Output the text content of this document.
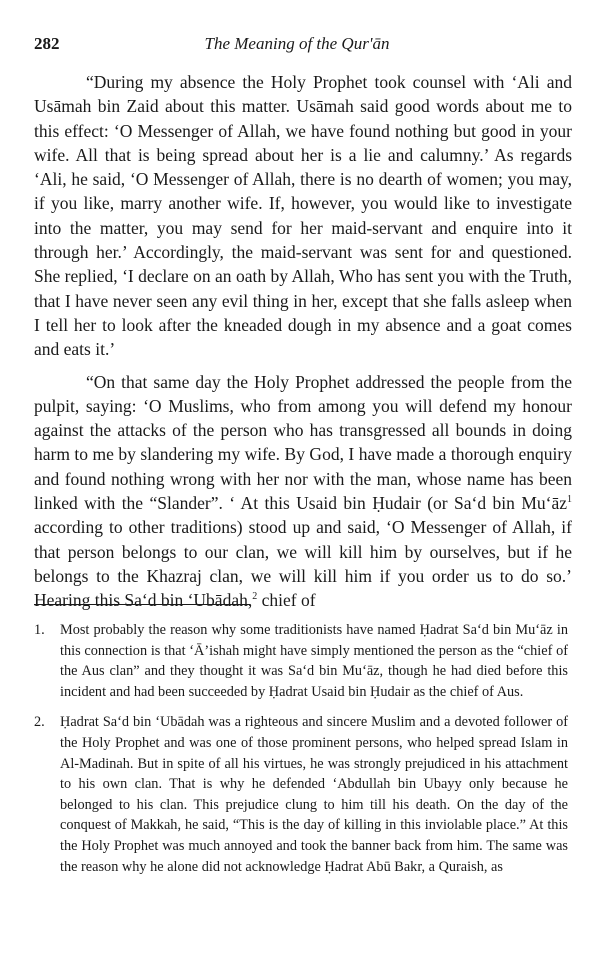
282	The Meaning of the Qur'ān

“During my absence the Holy Prophet took counsel with ‘Ali and Usāmah bin Zaid about this matter. Usāmah said good words about me to this effect: ‘O Messenger of Allah, we have found nothing but good in your wife. All that is being spread about her is a lie and calumny.’ As regards ‘Ali, he said, ‘O Messenger of Allah, there is no dearth of women; you may, if you like, marry another wife. If, however, you would like to investigate into the matter, you may send for her maid-servant and enquire into it through her.’ Accordingly, the maid-servant was sent for and questioned. She replied, ‘I declare on an oath by Allah, Who has sent you with the Truth, that I have never seen any evil thing in her, except that she falls asleep when I tell her to look after the kneaded dough in my absence and a goat comes and eats it.’

“On that same day the Holy Prophet addressed the people from the pulpit, saying: ‘O Muslims, who from among you will defend my honour against the attacks of the person who has transgressed all bounds in doing harm to me by slandering my wife. By God, I have made a thorough enquiry and found nothing wrong with her nor with the man, whose name has been linked with the “Slander”. ‘ At this Usaid bin Ḥudair (or Sa‘d bin $Mu‘āz^1$ according to other traditions) stood up and said, ‘O Messenger of Allah, if that person belongs to our clan, we will kill him by ourselves, but if he belongs to the Khazraj clan, we will kill him if you order us to do so.’ Hearing this Sa‘d bin ‘Ubādah,$^2$ chief of

1. Most probably the reason why some traditionists have named Ḥadrat Sa‘d bin Mu‘āz in this connection is that ‘Ā’ishah might have simply mentioned the person as the “chief of the Aus clan” and they thought it was Sa‘d bin Mu‘āz, though he had died before this incident and had been succeeded by Ḥadrat Usaid bin Ḥudair as the chief of Aus.
2. Ḥadrat Sa‘d bin ‘Ubādah was a righteous and sincere Muslim and a devoted follower of the Holy Prophet and was one of those prominent persons, who helped spread Islam in Al-Madinah. But in spite of all his virtues, he was strongly prejudiced in his attachment to his own clan. That is why he defended ‘Abdullah bin Ubayy only because he belonged to his clan. This prejudice clung to him till his death. On the day of the conquest of Makkah, he said, “This is the day of killing in this inviolable place.” At this the Holy Prophet was much annoyed and took the banner back from him. The same was the reason why he alone did not acknowledge Ḥadrat Abū Bakr, a Quraish, as
